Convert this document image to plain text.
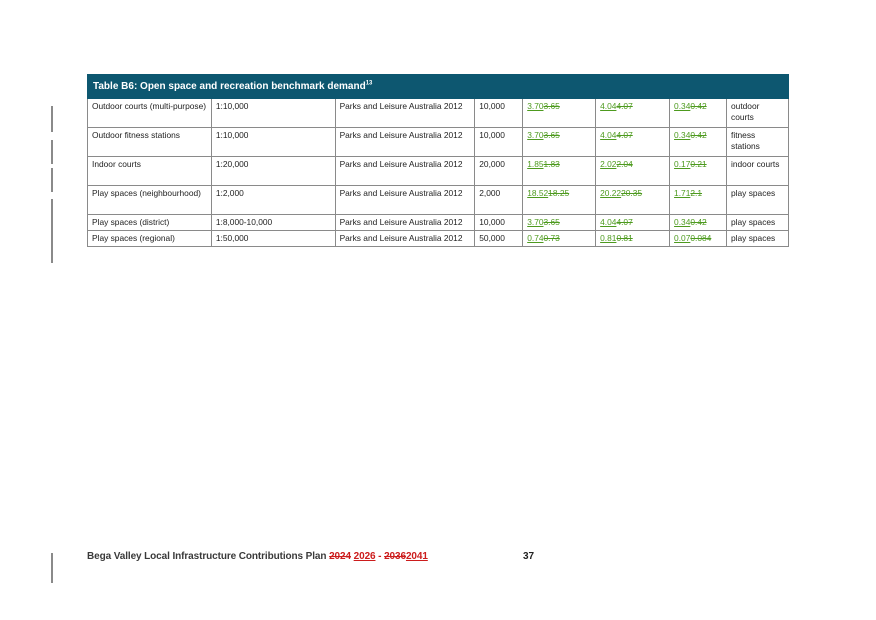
Table B6: Open space and recreation benchmark demand$^{13}$
Outdoor courts (multi-purpose)	1:10,000	Parks and Leisure Australia 2012	10,000	3.703.65	4.044.07	0.340.42	outdoor courts
Outdoor fitness stations	1:10,000	Parks and Leisure Australia 2012	10,000	3.703.65	4.044.07	0.340.42	fitness stations
Indoor courts	1:20,000	Parks and Leisure Australia 2012	20,000	1.851.83	2.022.04	0.170.21	indoor courts
Play spaces (neighbourhood)	1:2,000	Parks and Leisure Australia 2012	2,000	18.5218.25	20.2220.35	1.712.1	play spaces
Play spaces (district)	1:8,000-10,000	Parks and Leisure Australia 2012	10,000	3.703.65	4.044.07	0.340.42	play spaces
Play spaces (regional)	1:50,000	Parks and Leisure Australia 2012	50,000	0.740.73	0.810.81	0.070.084	play spaces
Bega Valley Local Infrastructure Contributions Plan 2024 2026 - 20362041	37
